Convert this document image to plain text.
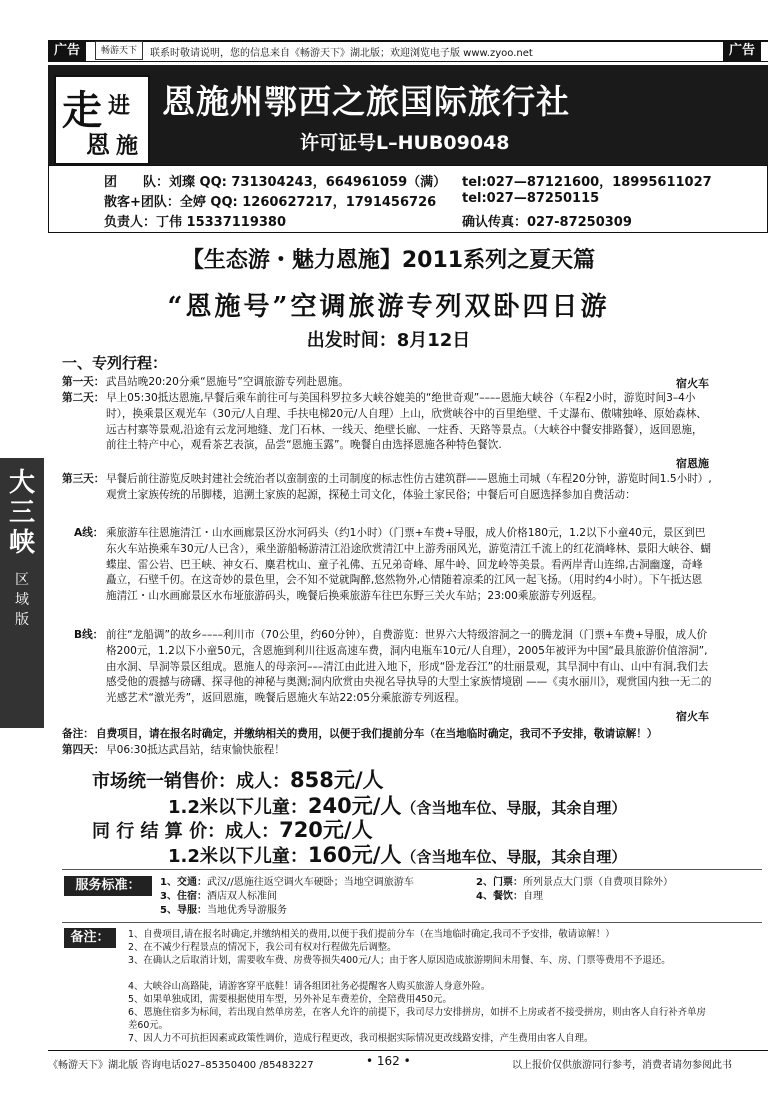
广告	畅游天下	联系时敬请说明，您的信息来自《畅游天下》湖北版；欢迎浏览电子版 www.zyoo.net	广告
走 进
恩 施
恩施州鄂西之旅国际旅行社
许可证号L–HUB09048
团　　队：刘璨 QQ: 731304243，664961059（满） tel:027—87121600，18995611027
散客+团队：全婷 QQ: 1260627217，1791456726 tel:027—87250115
负责人：丁伟 15337119380	确认传真：027-87250309
【生态游・魅力恩施】2011系列之夏天篇
“恩施号”空调旅游专列双卧四日游
出发时间：8月12日
一、专列行程：
大
三
峡
区
域
版
第一天： 武昌站晚20:20分乘“恩施号”空调旅游专列赴恩施。	宿火车
第二天： 早上05:30抵达恩施,早餐后乘车前往可与美国科罗拉多大峡谷媲美的“绝世奇观”––––恩施大峡谷（车程2小时，游览时间3–4小时），换乘景区观光车（30元/人自理、手扶电梯20元/人自理）上山，欣赏峡谷中的百里绝壁、千丈瀑布、傲啸独峰、原始森林、远古村寨等景观,沿途有云龙河地缝、龙门石林、一线天、绝壁长廊、一炷香、天路等景点。（大峡谷中餐安排路餐），返回恩施，前往土特产中心，观看茶艺表演，品尝“恩施玉露”。晚餐自由选择恩施各种特色餐饮.
宿恩施
第三天： 早餐后前往游览反映封建社会统治者以蛮制蛮的土司制度的标志性仿古建筑群——恩施土司城（车程20分钟，游览时间1.5小时）,观赏土家族传统的吊脚楼，追溯土家族的起源，探秘土司文化，体验土家民俗；中餐后可自愿选择参加自费活动：
A线： 乘旅游车往恩施清江・山水画廊景区汾水河码头（约1小时）（门票+车费+导服，成人价格180元，1.2以下小童40元，景区到巴东火车站换乘车30元/人已含），乘坐游船畅游清江沿途欣赏清江中上游秀丽风光，游览清江千流上的红花淌峰林、景阳大峡谷、蝴蝶崖、雷公岩、巴王峡、神女石、麋君枕山、童子礼佛、五兄弟奇峰、犀牛岭、回龙岭等美景。看两岸青山连绵,古洞幽邃，奇峰矗立，石壁千仞。在这奇妙的景色里，会不知不觉就陶醉,悠然物外,心情随着凉柔的江风一起飞扬。（用时约4小时）。下午抵达恩施清江・山水画廊景区水布垭旅游码头，晚餐后换乘旅游车往巴东野三关火车站；23:00乘旅游专列返程。
B线： 前往“龙船调”的故乡––––利川市（70公里，约60分钟），自费游览：世界六大特级溶洞之一的腾龙洞（门票+车费+导服，成人价格200元，1.2以下小童50元，含恩施到利川往返高速车费，洞内电瓶车10元/人自理），2005年被评为中国“最具旅游价值溶洞”,由水洞、旱洞等景区组成。恩施人的母亲河–––清江由此进入地下，形成“卧龙吞江”的壮丽景观，其旱洞中有山、山中有洞,我们去感受他的震撼与磅礴、探寻他的神秘与奥测;洞内欣赏由央视名导执导的大型土家族情境剧 ——《夷水丽川》，观赏国内独一无二的光感艺术“激光秀”，返回恩施，晚餐后恩施火车站22:05分乘旅游专列返程。
宿火车
备注： 自费项目，请在报名时确定，并缴纳相关的费用，以便于我们提前分车（在当地临时确定，我司不予安排，敬请谅解！）
第四天： 早06:30抵达武昌站，结束愉快旅程！
市场统一销售价：成人：858元/人
1.2米以下儿童：240元/人（含当地车位、导服，其余自理）
同 行 结 算 价：成人：720元/人
1.2米以下儿童：160元/人（含当地车位、导服，其余自理）
服务标准：	1、交通：武汉//恩施往返空调火车硬卧；当地空调旅游车	2、门票：所列景点大门票（自费项目除外）
3、住宿：酒店双人标准间	4、餐饮：自理
5、导服：当地优秀导游服务
备注：	1、自费项目,请在报名时确定,并缴纳相关的费用,以便于我们提前分车（在当地临时确定,我司不予安排，敬请谅解！）
2、在不减少行程景点的情况下，我公司有权对行程做先后调整。
3、在确认之后取消计划，需要收车费、房费等损失400元/人；由于客人原因造成旅游期间未用餐、车、房、门票等费用不予退还。
4、大峡谷山高路陡，请游客穿平底鞋！请各组团社务必提醒客人购买旅游人身意外险。
5、如果单独成团，需要根据使用车型，另外补足车费差价，全陪费用450元。
6、恩施住宿多为标间，若出现自然单房差，在客人允许的前提下，我司尽力安排拼房，如拼不上房或者不接受拼房，则由客人自行补齐单房差60元。
7、因人力不可抗拒因素或政策性调价，造成行程更改，我司根据实际情况更改线路安排，产生费用由客人自理。
《畅游天下》湖北版 咨询电话027–85350400 /85483227	• 162 •	以上报价仅供旅游同行参考，消费者请勿参阅此书
